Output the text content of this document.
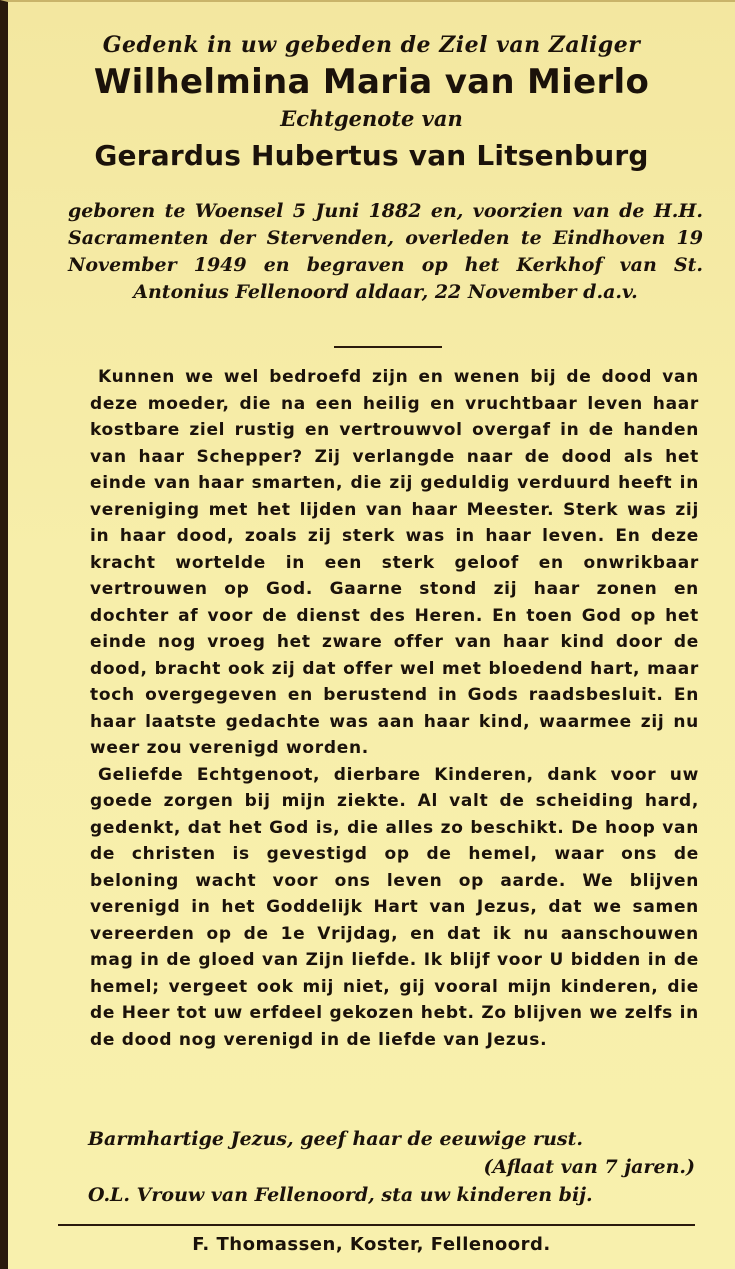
Gedenk in uw gebeden de Ziel van Zaliger
Wilhelmina Maria van Mierlo
Echtgenote van
Gerardus Hubertus van Litsenburg
geboren te Woensel 5 Juni 1882 en, voorzien van de H.H. Sacramenten der Stervenden, overleden te Eindhoven 19 November 1949 en begraven op het Kerkhof van St. Antonius Fellenoord aldaar, 22 November d.a.v.

Kunnen we wel bedroefd zijn en wenen bij de dood van deze moeder, die na een heilig en vruchtbaar leven haar kostbare ziel rustig en vertrouwvol overgaf in de handen van haar Schepper? Zij verlangde naar de dood als het einde van haar smarten, die zij geduldig verduurd heeft in vereniging met het lijden van haar Meester. Sterk was zij in haar dood, zoals zij sterk was in haar leven. En deze kracht wortelde in een sterk geloof en onwrikbaar vertrouwen op God. Gaarne stond zij haar zonen en dochter af voor de dienst des Heren. En toen God op het einde nog vroeg het zware offer van haar kind door de dood, bracht ook zij dat offer wel met bloedend hart, maar toch overgegeven en berustend in Gods raadsbesluit. En haar laatste gedachte was aan haar kind, waarmee zij nu weer zou verenigd worden.

Geliefde Echtgenoot, dierbare Kinderen, dank voor uw goede zorgen bij mijn ziekte. Al valt de scheiding hard, gedenkt, dat het God is, die alles zo beschikt. De hoop van de christen is gevestigd op de hemel, waar ons de beloning wacht voor ons leven op aarde. We blijven verenigd in het Goddelijk Hart van Jezus, dat we samen vereerden op de 1e Vrijdag, en dat ik nu aanschouwen mag in de gloed van Zijn liefde. Ik blijf voor U bidden in de hemel; vergeet ook mij niet, gij vooral mijn kinderen, die de Heer tot uw erfdeel gekozen hebt. Zo blijven we zelfs in de dood nog verenigd in de liefde van Jezus.

Barmhartige Jezus, geef haar de eeuwige rust.
(Aflaat van 7 jaren.)
O.L. Vrouw van Fellenoord, sta uw kinderen bij.
F. Thomassen, Koster, Fellenoord.
